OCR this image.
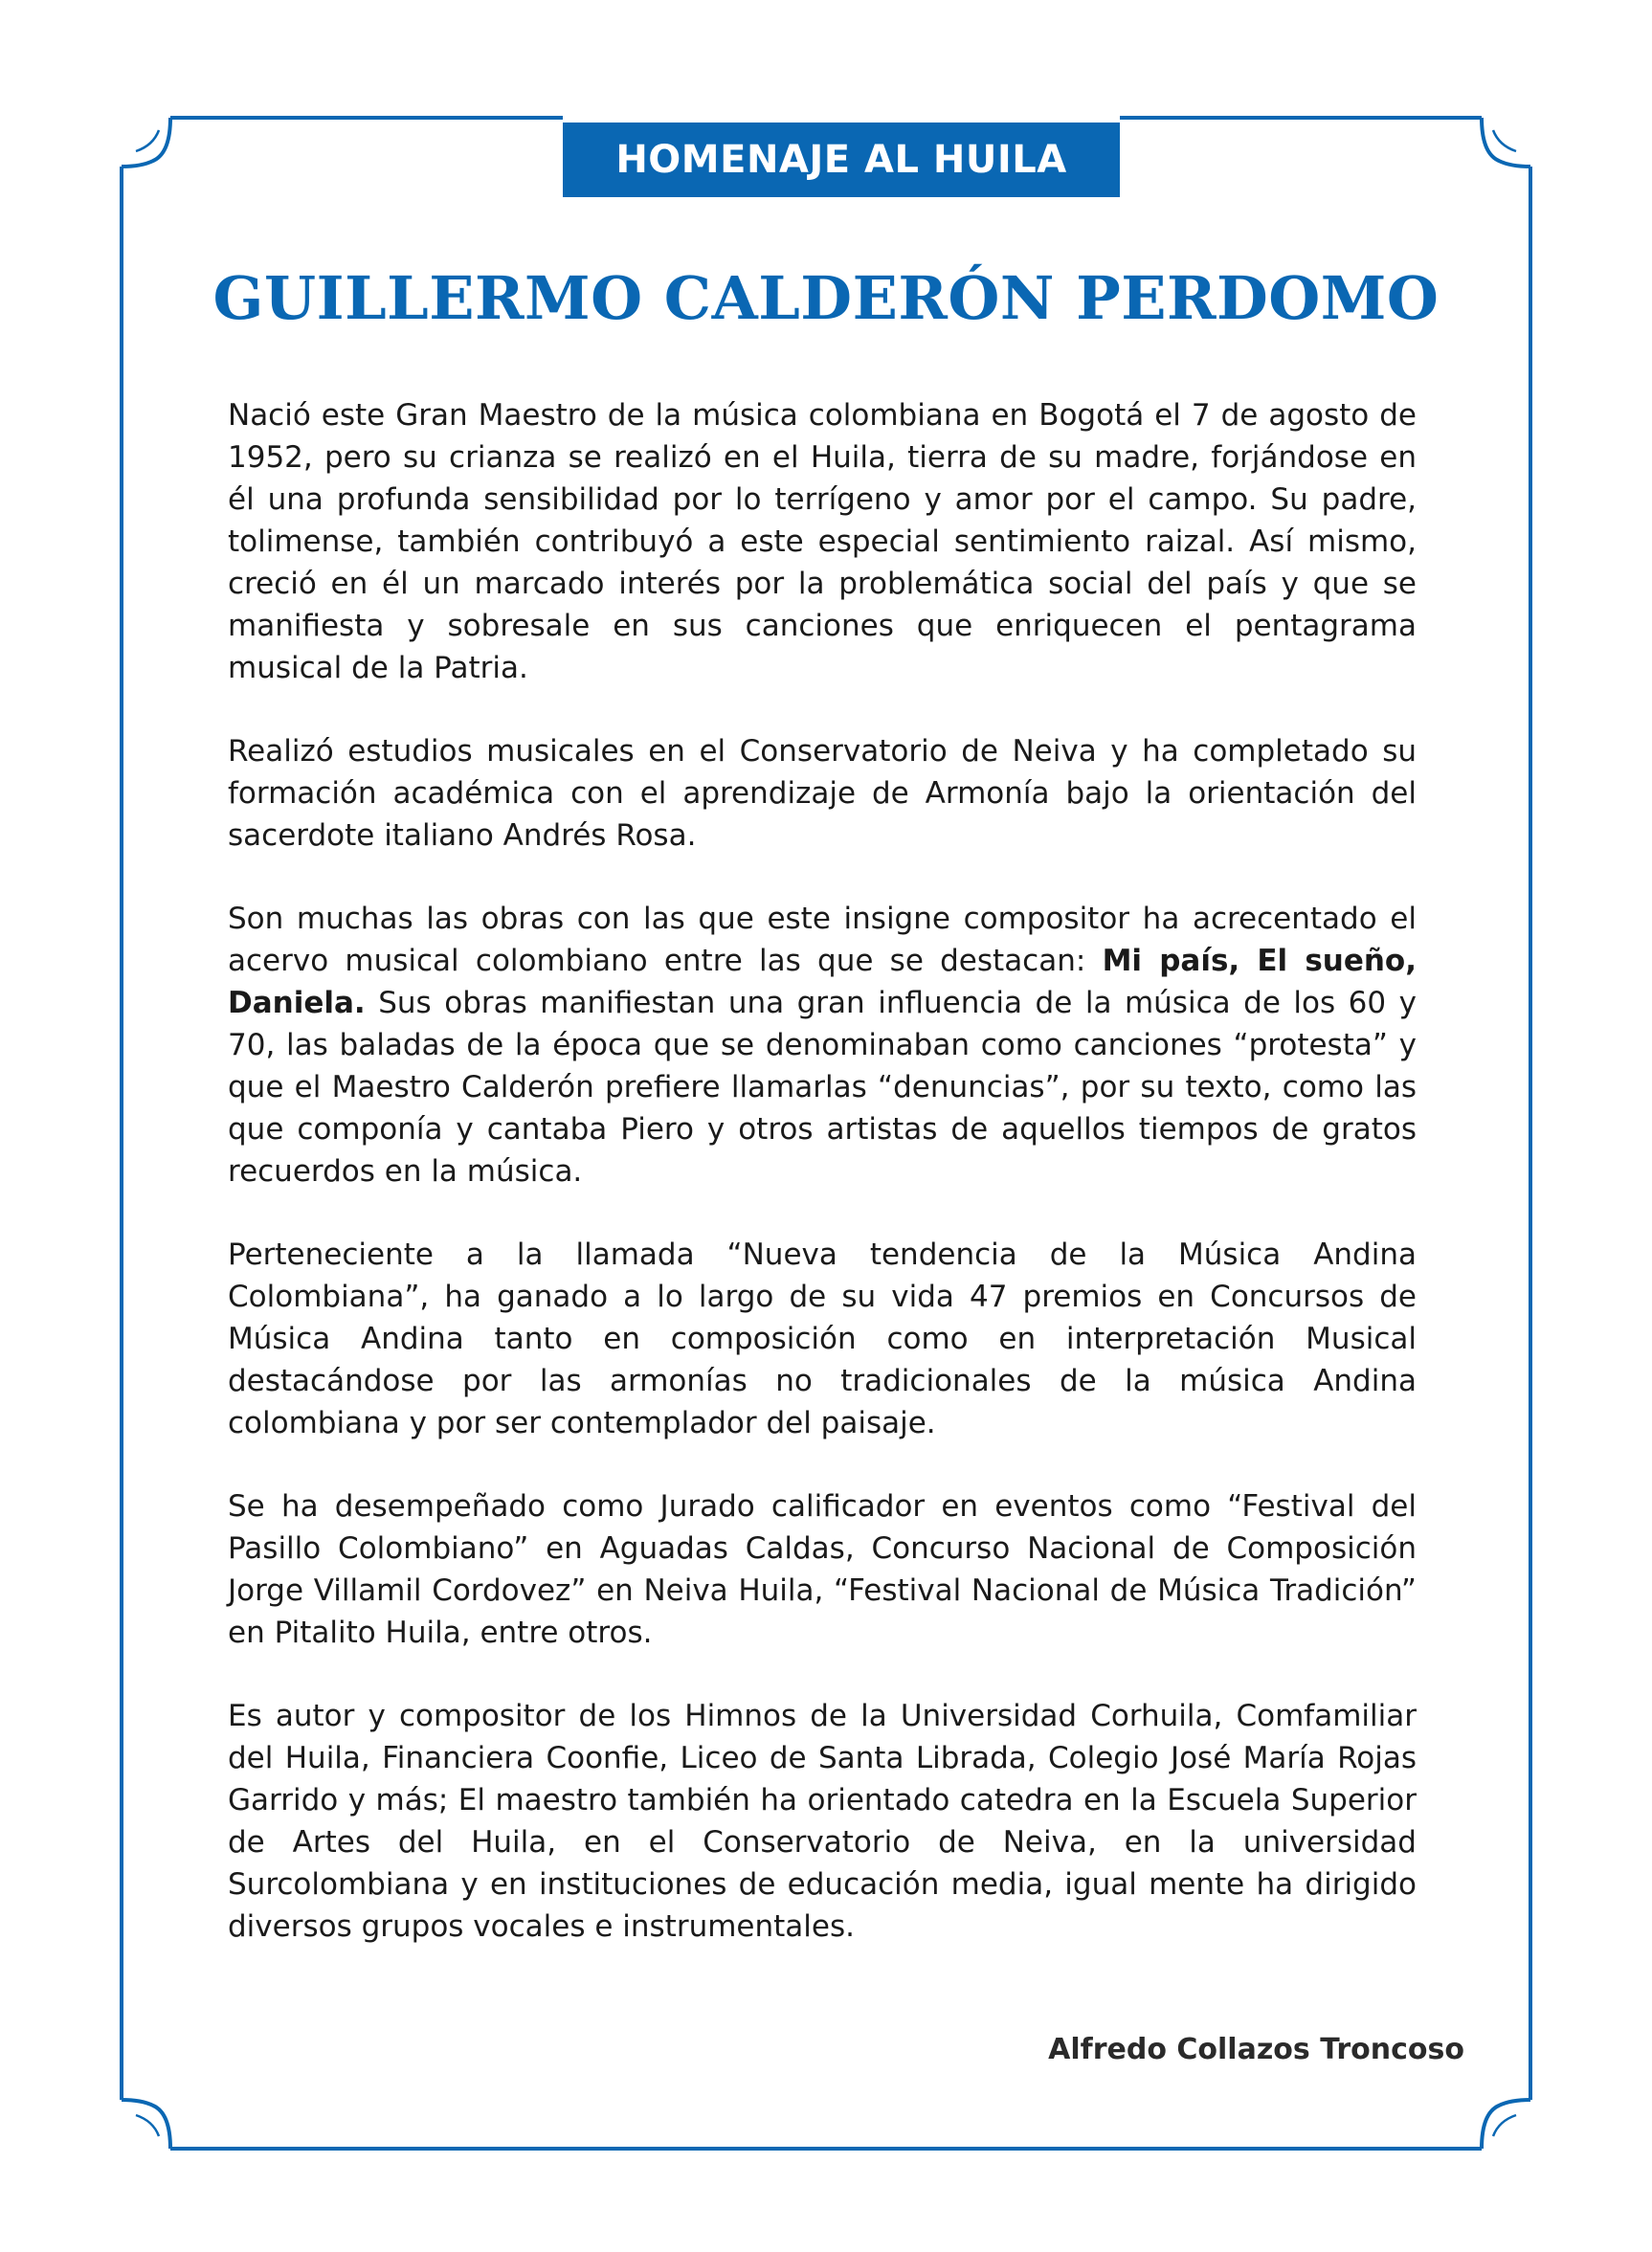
HOMENAJE AL HUILA
GUILLERMO CALDERÓN PERDOMO

Nació este Gran Maestro de la música colombiana en Bogotá el 7 de agosto de 1952, pero su crianza se realizó en el Huila, tierra de su madre, forjándose en él una profunda sensibilidad por lo terrígeno y amor por el campo. Su padre, tolimense, también contribuyó a este especial sentimiento raizal. Así mismo, creció en él un marcado interés por la problemática social del país y que se manifiesta y sobresale en sus canciones que enriquecen el pentagrama musical de la Patria.

Realizó estudios musicales en el Conservatorio de Neiva y ha completado su formación académica con el aprendizaje de Armonía bajo la orientación del sacerdote italiano Andrés Rosa.

Son muchas las obras con las que este insigne compositor ha acrecentado el acervo musical colombiano entre las que se destacan: Mi país, El sueño, Daniela. Sus obras manifiestan una gran influencia de la música de los 60 y 70, las baladas de la época que se denominaban como canciones “protesta” y que el Maestro Calderón prefiere llamarlas “denuncias”, por su texto, como las que componía y cantaba Piero y otros artistas de aquellos tiempos de gratos recuerdos en la música.

Perteneciente a la llamada “Nueva tendencia de la Música Andina Colombiana”, ha ganado a lo largo de su vida 47 premios en Concursos de Música Andina tanto en composición como en interpretación Musical destacándose por las armonías no tradicionales de la música Andina colombiana y por ser contemplador del paisaje.

Se ha desempeñado como Jurado calificador en eventos como “Festival del Pasillo Colombiano” en Aguadas Caldas, Concurso Nacional de Composición Jorge Villamil Cordovez” en Neiva Huila, “Festival Nacional de Música Tradición” en Pitalito Huila, entre otros.

Es autor y compositor de los Himnos de la Universidad Corhuila, Comfamiliar del Huila, Financiera Coonfie, Liceo de Santa Librada, Colegio José María Rojas Garrido y más; El maestro también ha orientado catedra en la Escuela Superior de Artes del Huila, en el Conservatorio de Neiva, en la universidad Surcolombiana y en instituciones de educación media, igual mente ha dirigido diversos grupos vocales e instrumentales.

Alfredo Collazos Troncoso
